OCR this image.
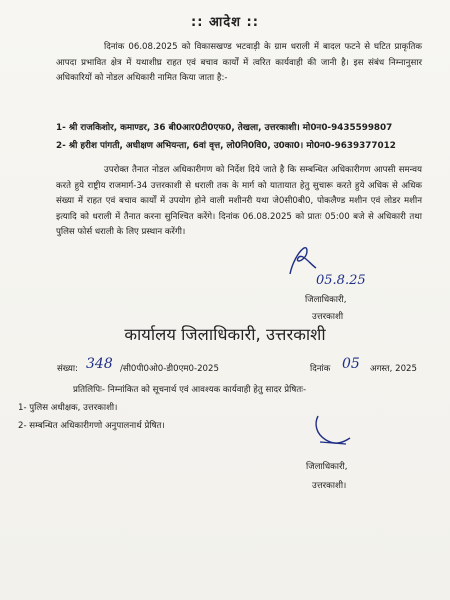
:: आदेश ::
दिनांक 06.08.2025 को विकासखण्ड भटवाड़ी के ग्राम धराली में बादल फटने से घटित प्राकृतिक आपदा प्रभावित क्षेत्र में यथाशीघ्र राहत एवं बचाव कार्यों में त्वरित कार्यवाही की जानी है। इस संबंध निम्नानुसार अधिकारियों को नोडल अधिकारी नामित किया जाता है:-
1- श्री राजकिशोर, कमाण्डर, 36 बी0आर0टी0एफ0, तेखला, उत्तरकाशी। मो0न0-9435599807
2- श्री हरीश पांगती, अधीक्षण अभियन्ता, 6वां वृत्त, लो0नि0वि0, उ0का0। मो0न0-9639377012
उपरोक्त तैनात नोडल अधिकारीगण को निर्देश दिये जाते है कि सम्बन्धित अधिकारीगण आपसी समन्वय करते हुये राष्ट्रीय राजमार्ग-34 उत्तरकाशी से धराली तक के मार्ग को यातायात हेतु सुचारू करते हुये अधिक से अधिक संख्या में राहत एवं बचाव कार्यों में उपयोग होने वाली मशीनरी यथा जे0सी0बी0, पोकलैण्ड मशीन एवं लोडर मशीन इत्यादि को धराली में तैनात करना सुनिश्चित करेंगे। दिनांक 06.08.2025 को प्रातः 05:00 बजे से अधिकारी तथा पुलिस फोर्स धराली के लिए प्रस्थान करेंगी।
05.8.25
जिलाधिकारी,
उत्तरकाशी
कार्यालय जिलाधिकारी, उत्तरकाशी
संख्या: 348 /सी0पी0ओ0-डी0एम0-2025	दिनांक 05 अगस्त, 2025
प्रतिलिपिः- निम्नांकित को सूचनार्थ एवं आवश्यक कार्यवाही हेतु सादर प्रेषितः-
1- पुलिस अधीक्षक, उत्तरकाशी।
2- सम्बन्धित अधिकारीगणो अनुपालनार्थ प्रेषित।
जिलाधिकारी,
उत्तरकाशी।
